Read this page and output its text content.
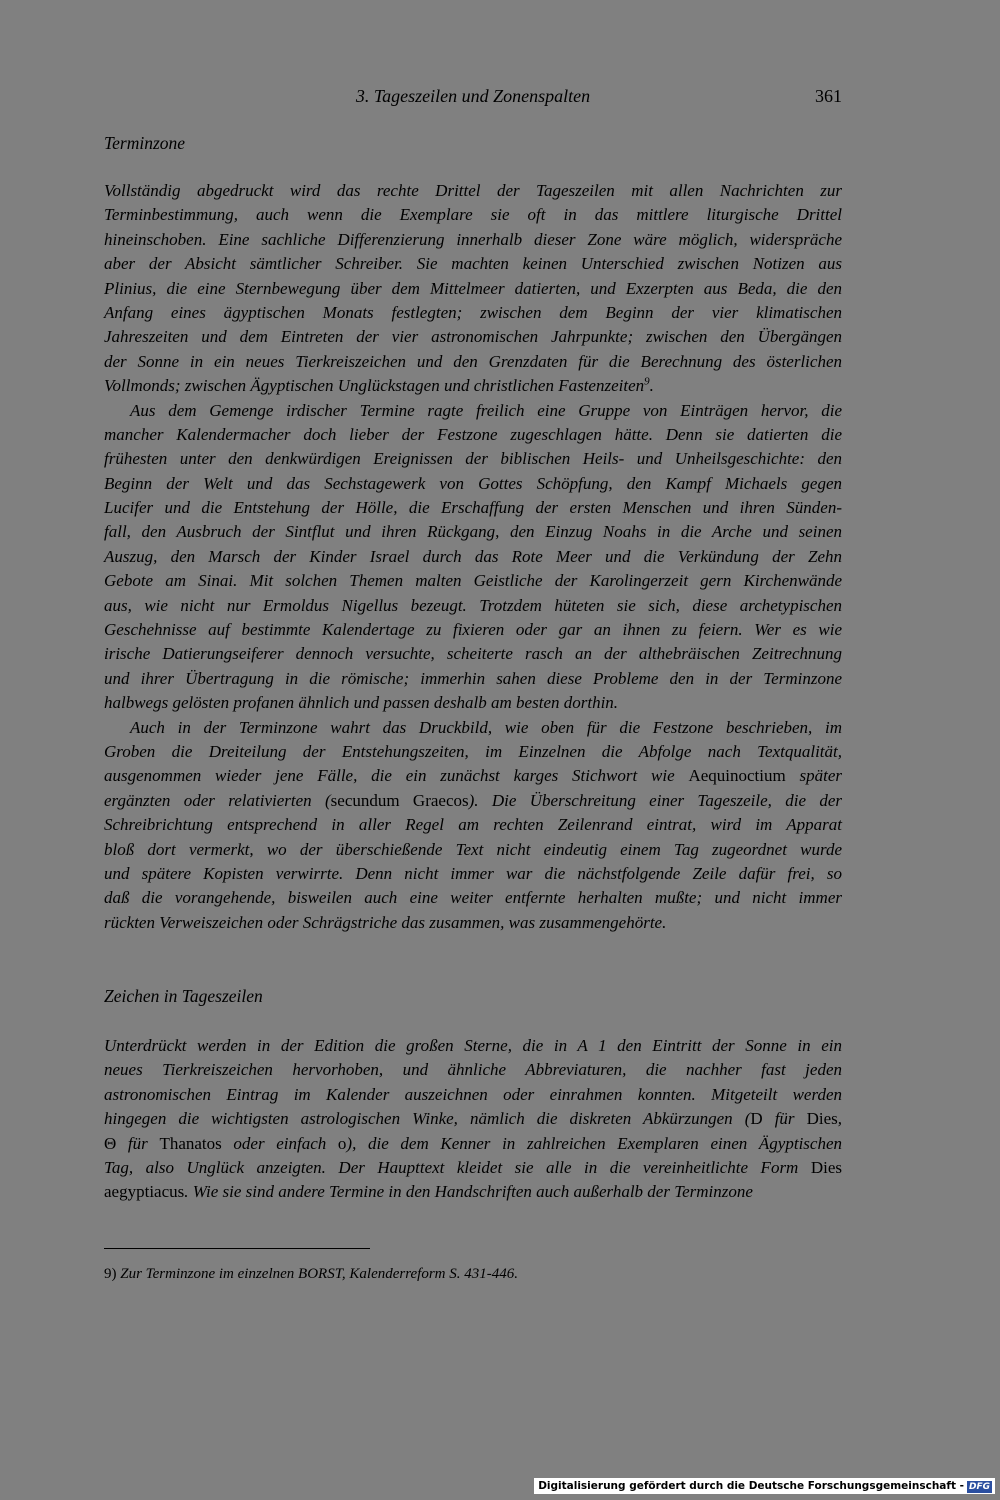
3. Tageszeilen und Zonenspalten	361
Terminzone
Vollständig abgedruckt wird das rechte Drittel der Tageszeilen mit allen Nachrichten zur
Terminbestimmung, auch wenn die Exemplare sie oft in das mittlere liturgische Drittel
hineinschoben. Eine sachliche Differenzierung innerhalb dieser Zone wäre möglich, widerspräche
aber der Absicht sämtlicher Schreiber. Sie machten keinen Unterschied zwischen Notizen aus
Plinius, die eine Sternbewegung über dem Mittelmeer datierten, und Exzerpten aus Beda, die den
Anfang eines ägyptischen Monats festlegten; zwischen dem Beginn der vier klimatischen
Jahreszeiten und dem Eintreten der vier astronomischen Jahrpunkte; zwischen den Übergängen
der Sonne in ein neues Tierkreiszeichen und den Grenzdaten für die Berechnung des österlichen
Vollmonds; zwischen Ägyptischen Unglückstagen und christlichen Fastenzeiten$^9$.
Aus dem Gemenge irdischer Termine ragte freilich eine Gruppe von Einträgen hervor, die
mancher Kalendermacher doch lieber der Festzone zugeschlagen hätte. Denn sie datierten die
frühesten unter den denkwürdigen Ereignissen der biblischen Heils- und Unheilsgeschichte: den
Beginn der Welt und das Sechstagewerk von Gottes Schöpfung, den Kampf Michaels gegen
Lucifer und die Entstehung der Hölle, die Erschaffung der ersten Menschen und ihren Sünden-
fall, den Ausbruch der Sintflut und ihren Rückgang, den Einzug Noahs in die Arche und seinen
Auszug, den Marsch der Kinder Israel durch das Rote Meer und die Verkündung der Zehn
Gebote am Sinai. Mit solchen Themen malten Geistliche der Karolingerzeit gern Kirchenwände
aus, wie nicht nur Ermoldus Nigellus bezeugt. Trotzdem hüteten sie sich, diese archetypischen
Geschehnisse auf bestimmte Kalendertage zu fixieren oder gar an ihnen zu feiern. Wer es wie
irische Datierungseiferer dennoch versuchte, scheiterte rasch an der althebräischen Zeitrechnung
und ihrer Übertragung in die römische; immerhin sahen diese Probleme den in der Terminzone
halbwegs gelösten profanen ähnlich und passen deshalb am besten dorthin.
Auch in der Terminzone wahrt das Druckbild, wie oben für die Festzone beschrieben, im
Groben die Dreiteilung der Entstehungszeiten, im Einzelnen die Abfolge nach Textqualität,
ausgenommen wieder jene Fälle, die ein zunächst karges Stichwort wie Aequinoctium später
ergänzten oder relativierten (secundum Graecos). Die Überschreitung einer Tageszeile, die der
Schreibrichtung entsprechend in aller Regel am rechten Zeilenrand eintrat, wird im Apparat
bloß dort vermerkt, wo der überschießende Text nicht eindeutig einem Tag zugeordnet wurde
und spätere Kopisten verwirrte. Denn nicht immer war die nächstfolgende Zeile dafür frei, so
daß die vorangehende, bisweilen auch eine weiter entfernte herhalten mußte; und nicht immer
rückten Verweiszeichen oder Schrägstriche das zusammen, was zusammengehörte.
Zeichen in Tageszeilen
Unterdrückt werden in der Edition die großen Sterne, die in A 1 den Eintritt der Sonne in ein
neues Tierkreiszeichen hervorhoben, und ähnliche Abbreviaturen, die nachher fast jeden
astronomischen Eintrag im Kalender auszeichnen oder einrahmen konnten. Mitgeteilt werden
hingegen die wichtigsten astrologischen Winke, nämlich die diskreten Abkürzungen (D für Dies,
Θ für Thanatos oder einfach o), die dem Kenner in zahlreichen Exemplaren einen Ägyptischen
Tag, also Unglück anzeigten. Der Haupttext kleidet sie alle in die vereinheitlichte Form Dies
aegyptiacus. Wie sie sind andere Termine in den Handschriften auch außerhalb der Terminzone
9) Zur Terminzone im einzelnen BORST, Kalenderreform S. 431-446.
Digitalisierung gefördert durch die Deutsche Forschungsgemeinschaft - DFG
